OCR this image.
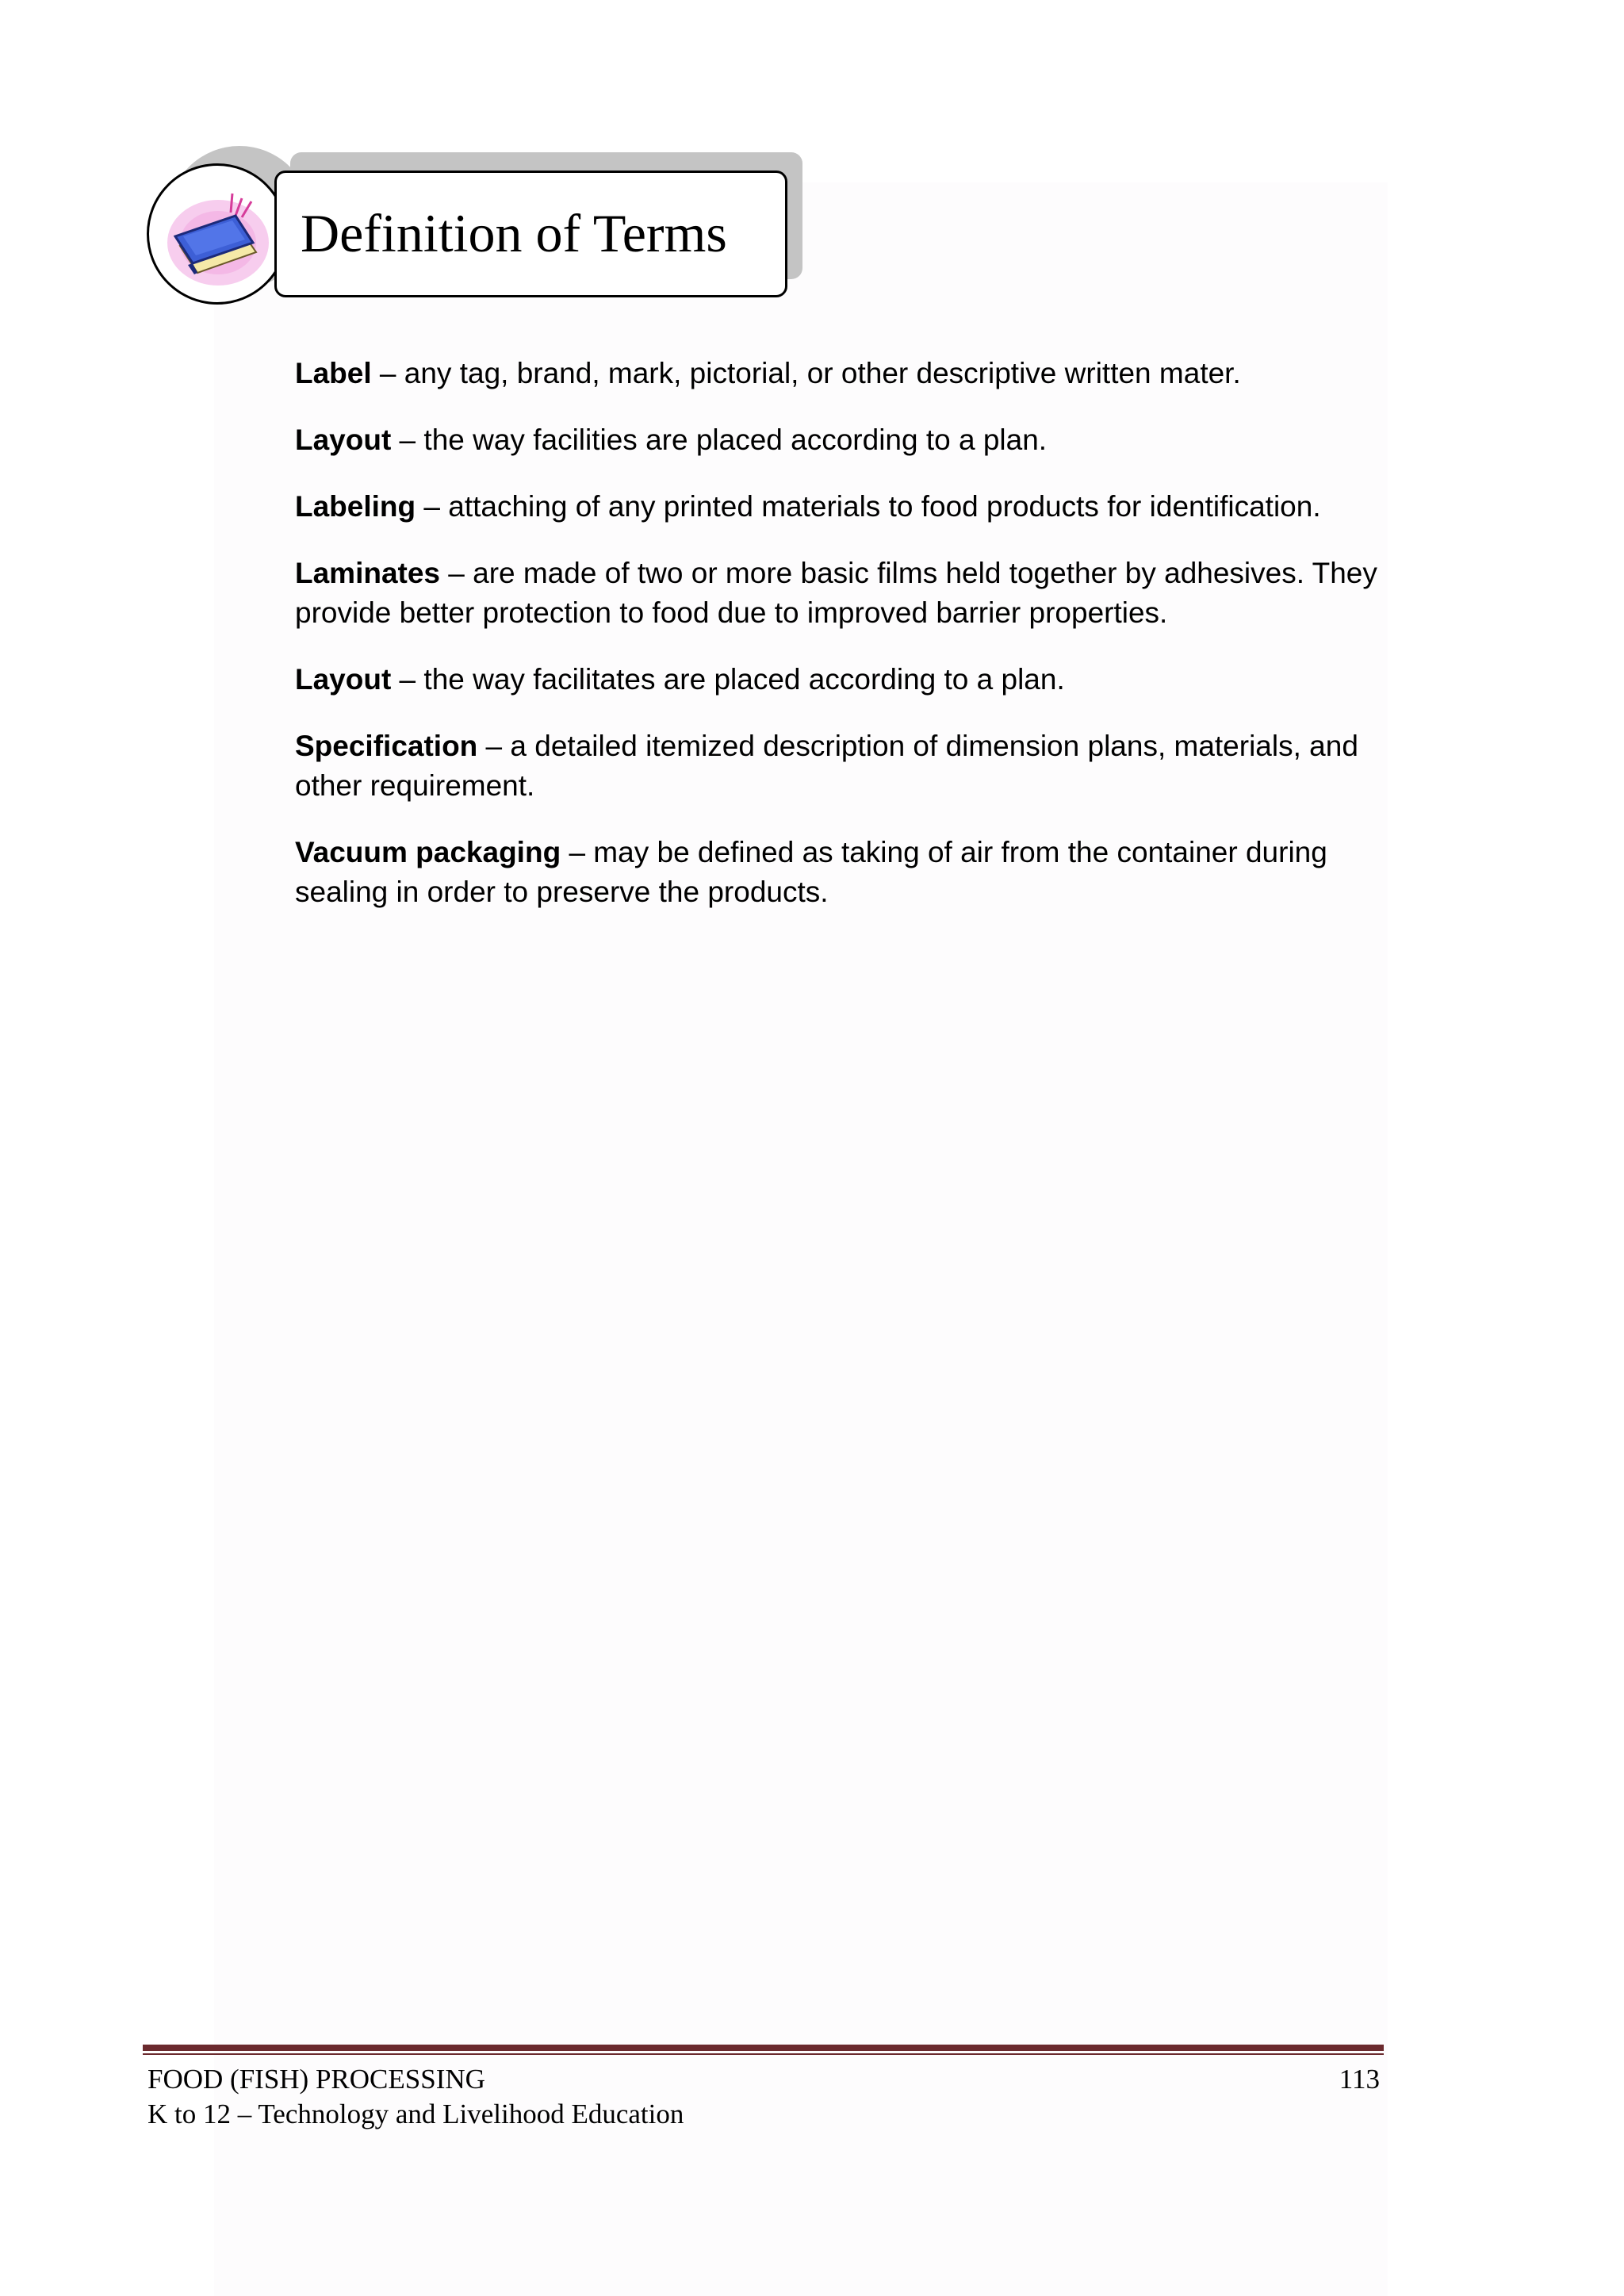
Definition of Terms

Label – any tag, brand, mark, pictorial, or other descriptive written mater.

Layout – the way facilities are placed according to a plan.

Labeling – attaching of any printed materials to food products for identification.

Laminates – are made of two or more basic films held together by adhesives. They provide better protection to food due to improved barrier properties.

Layout – the way facilitates are placed according to a plan.

Specification – a detailed itemized description of dimension plans, materials, and other requirement.

Vacuum packaging – may be defined as taking of air from the container during sealing in order to preserve the products.

FOOD (FISH) PROCESSING
K to 12 – Technology and Livelihood Education
113
